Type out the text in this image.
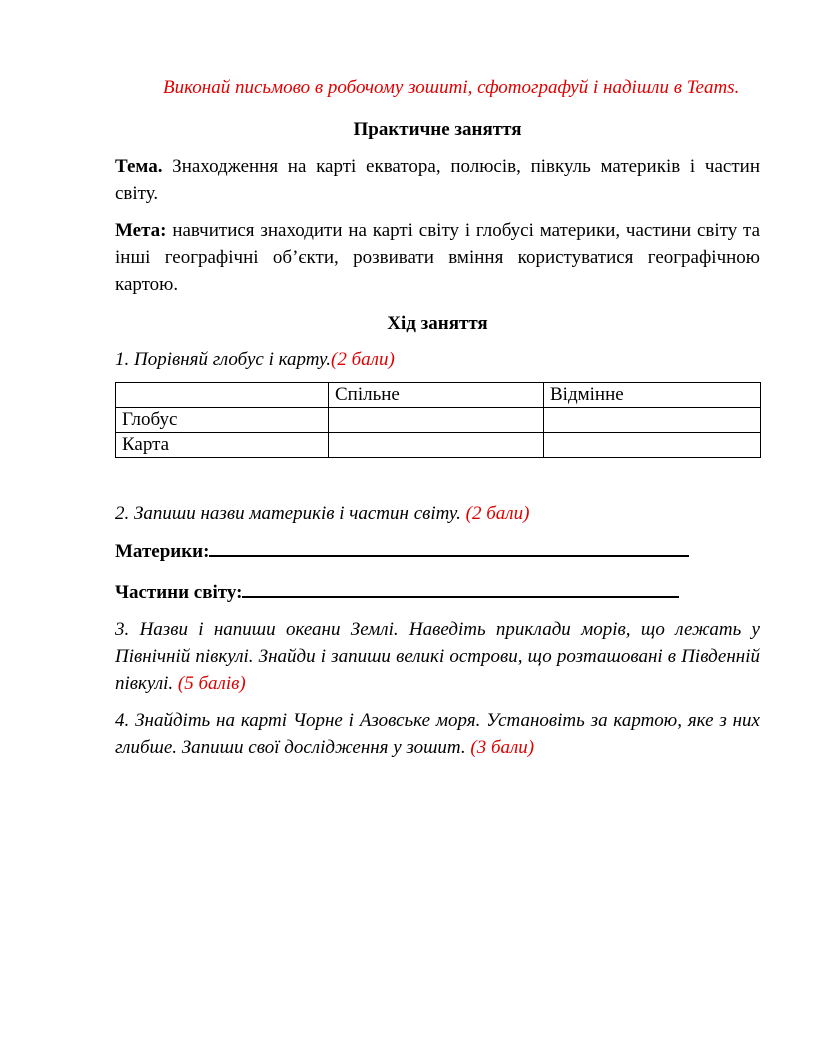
Виконай письмово в робочому зошиті, сфотографуй і надішли в Teams.

Практичне заняття

Тема. Знаходження на карті екватора, полюсів, півкуль материків і частин світу.

Мета: навчитися знаходити на карті світу і глобусі материки, частини світу та інші географічні об’єкти, розвивати вміння користуватися географічною картою.

Хід заняття

1. Порівняй глобус і карту.(2 бали)

	Спільне	Відмінне
Глобус		
Карта		

2. Запиши назви материків і частин світу. (2 бали)

Материки:

Частини світу:

3. Назви і напиши океани Землі. Наведіть приклади морів, що лежать у Північній півкулі. Знайди і запиши великі острови, що розташовані в Південній півкулі. (5 балів)

4. Знайдіть на карті Чорне і Азовське моря. Установіть за картою, яке з них глибше. Запиши свої дослідження у зошит. (3 бали)
